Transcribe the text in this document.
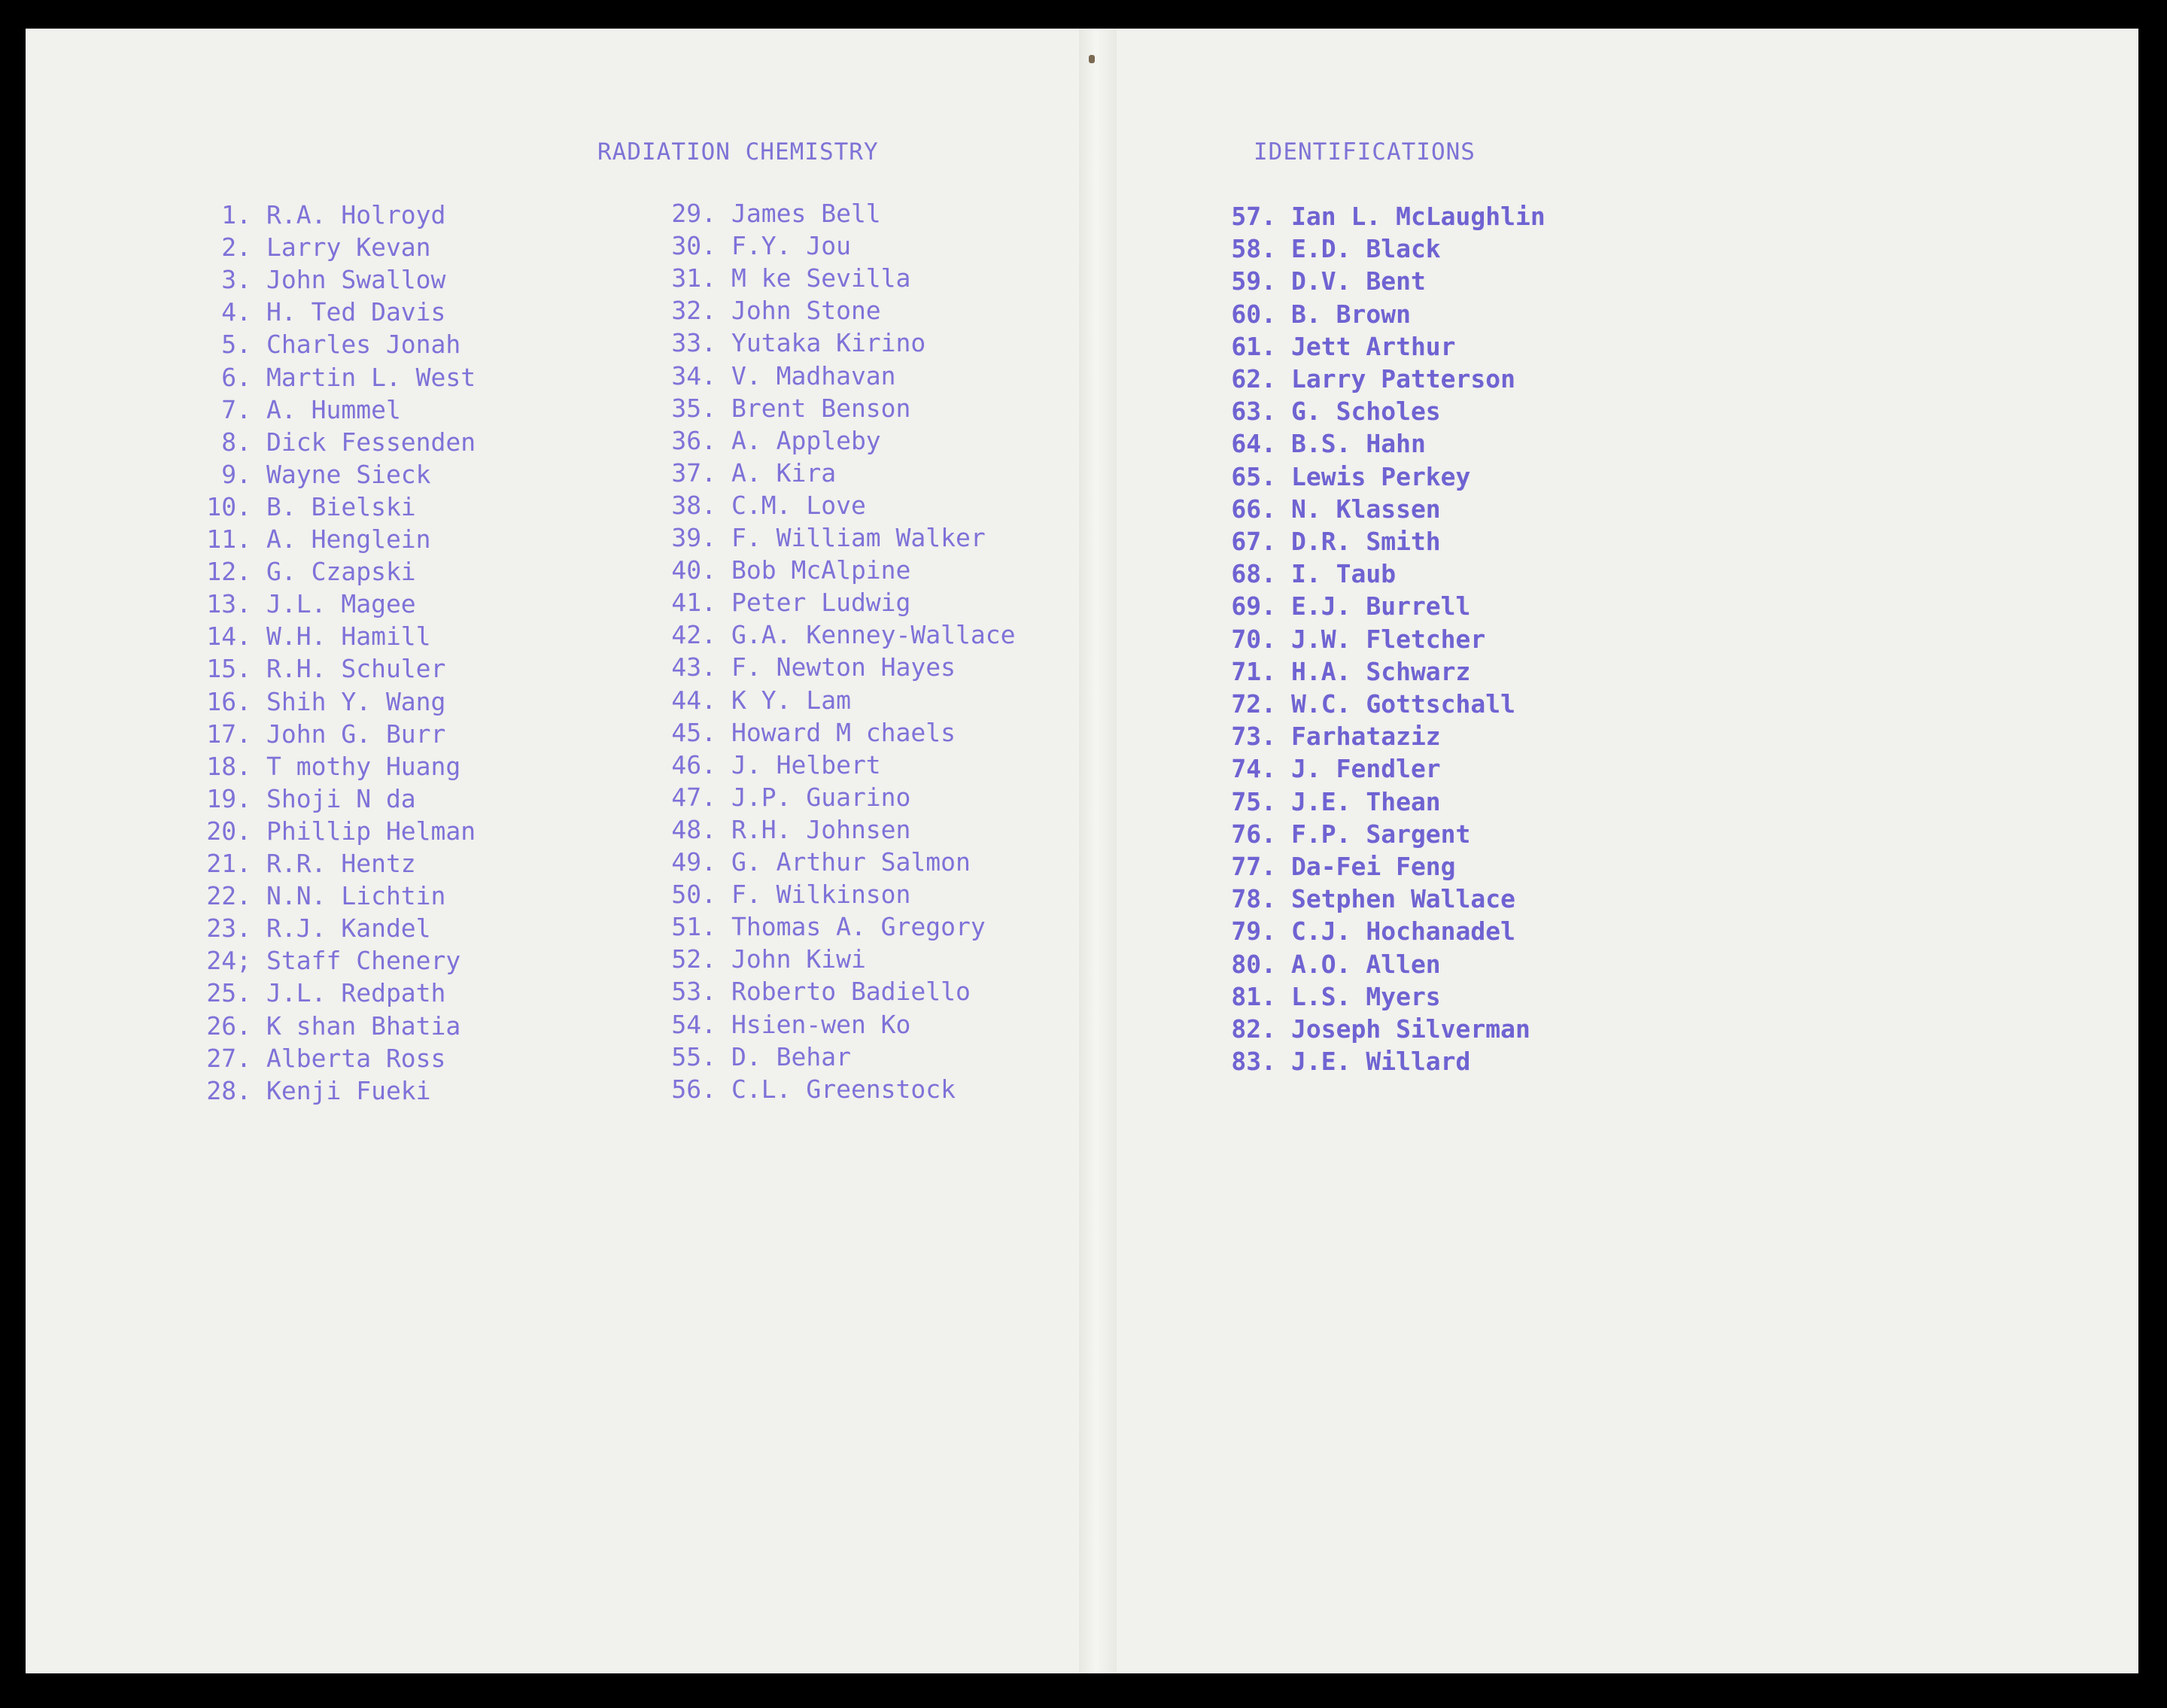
RADIATION CHEMISTRY	IDENTIFICATIONS
1. R.A. Holroyd
2. Larry Kevan
3. John Swallow
4. H. Ted Davis
5. Charles Jonah
6. Martin L. West
7. A. Hummel
8. Dick Fessenden
9. Wayne Sieck
10. B. Bielski
11. A. Henglein
12. G. Czapski
13. J.L. Magee
14. W.H. Hamill
15. R.H. Schuler
16. Shih Y. Wang
17. John G. Burr
18. T mothy Huang
19. Shoji N da
20. Phillip Helman
21. R.R. Hentz
22. N.N. Lichtin
23. R.J. Kandel
24; Staff Chenery
25. J.L. Redpath
26. K shan Bhatia
27. Alberta Ross
28. Kenji Fueki
29. James Bell
30. F.Y. Jou
31. M ke Sevilla
32. John Stone
33. Yutaka Kirino
34. V. Madhavan
35. Brent Benson
36. A. Appleby
37. A. Kira
38. C.M. Love
39. F. William Walker
40. Bob McAlpine
41. Peter Ludwig
42. G.A. Kenney-Wallace
43. F. Newton Hayes
44. K Y. Lam
45. Howard M chaels
46. J. Helbert
47. J.P. Guarino
48. R.H. Johnsen
49. G. Arthur Salmon
50. F. Wilkinson
51. Thomas A. Gregory
52. John Kiwi
53. Roberto Badiello
54. Hsien-wen Ko
55. D. Behar
56. C.L. Greenstock
57. Ian L. McLaughlin
58. E.D. Black
59. D.V. Bent
60. B. Brown
61. Jett Arthur
62. Larry Patterson
63. G. Scholes
64. B.S. Hahn
65. Lewis Perkey
66. N. Klassen
67. D.R. Smith
68. I. Taub
69. E.J. Burrell
70. J.W. Fletcher
71. H.A. Schwarz
72. W.C. Gottschall
73. Farhataziz
74. J. Fendler
75. J.E. Thean
76. F.P. Sargent
77. Da-Fei Feng
78. Setphen Wallace
79. C.J. Hochanadel
80. A.O. Allen
81. L.S. Myers
82. Joseph Silverman
83. J.E. Willard
